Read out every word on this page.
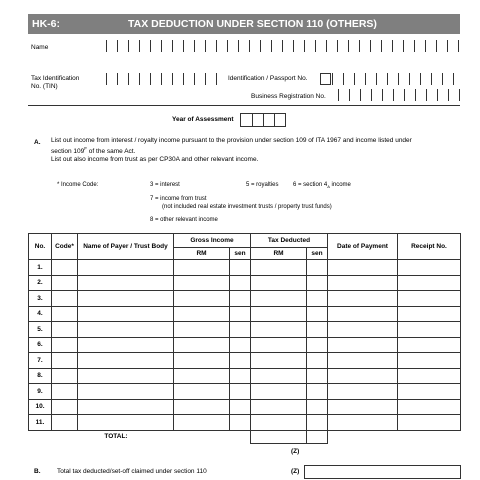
HK-6:	TAX DEDUCTION UNDER SECTION 110 (OTHERS)
Name
Tax Identification
No. (TIN)
Identification / Passport No.
Business Registration No.
Year of Assessment
A. List out income from interest / royalty income pursuant to the provision under section 109 of ITA 1967 and income listed under
section $109^F$ of the same Act.
List out also income from trust as per CP30A and other relevant income.
* Income Code:	3 = interest	5 = royalties 6 = section $4_A$ income
7 = income from trust
(not included real estate investment trusts / property trust funds)
8 = other relevant income
No.	Code*	Name of Payer / Trust Body	Gross Income		Tax Deducted		Date of Payment	Receipt No.
			RM	sen	RM	sen		
1.								
2.								
3.								
4.								
5.								
6.								
7.								
8.								
9.								
10.								
11.								
TOTAL:								
(Z)
B.	Total tax deducted/set-off claimed under section 110	(Z)
